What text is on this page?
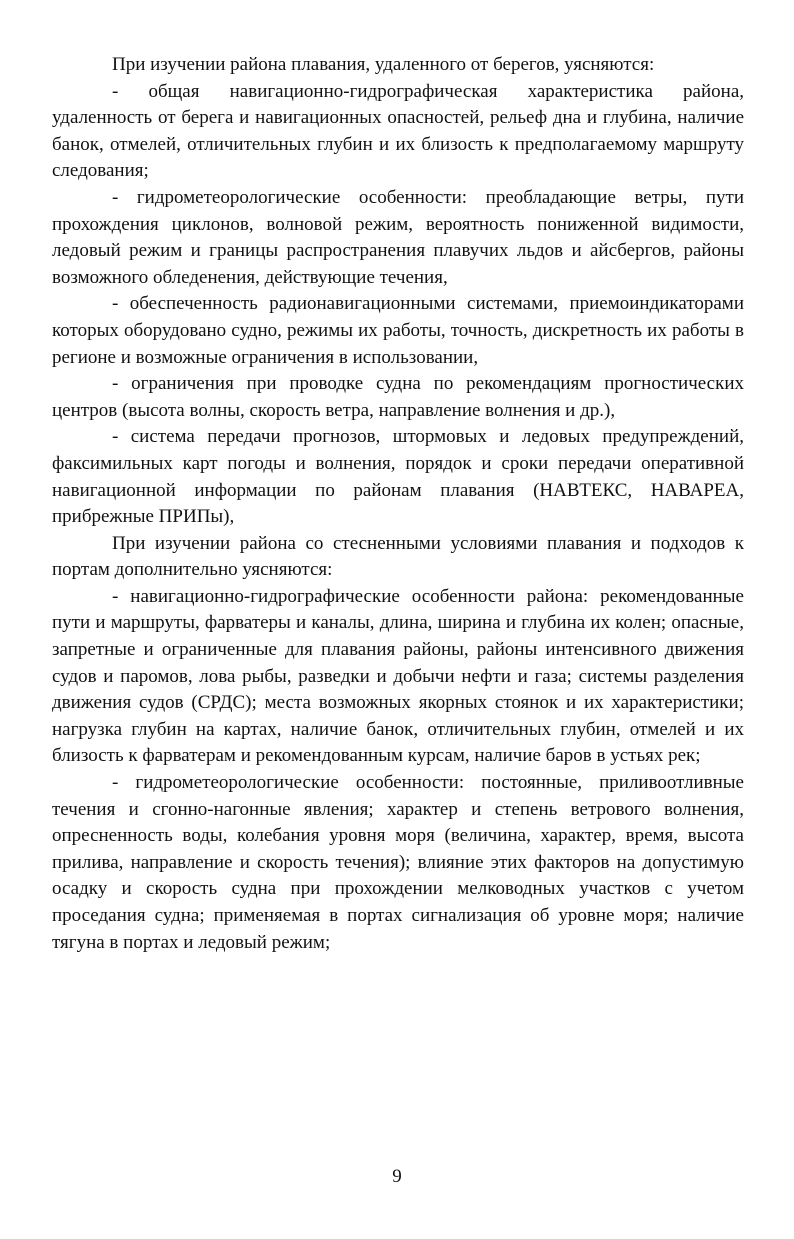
При изучении района плавания, удаленного от берегов, уясняются:

- общая навигационно-гидрографическая характеристика района, удаленность от берега и навигационных опасностей, рельеф дна и глубина, наличие банок, отмелей, отличительных глубин и их близость к предполагаемому маршруту следования;

- гидрометеорологические особенности: преобладающие ветры, пути прохождения циклонов, волновой режим, вероятность пониженной видимости, ледовый режим и границы распространения плавучих льдов и айсбергов, районы возможного обледенения, действующие течения,

- обеспеченность радионавигационными системами, приемоиндикаторами которых оборудовано судно, режимы их работы, точность, дискретность их работы в регионе и возможные ограничения в использовании,

- ограничения при проводке судна по рекомендациям прогностических центров (высота волны, скорость ветра, направление волнения и др.),

- система передачи прогнозов, штормовых и ледовых предупреждений, факсимильных карт погоды и волнения, порядок и сроки передачи оперативной навигационной информации по районам плавания (НАВТЕКС, НАВАРЕА, прибрежные ПРИПы),

При изучении района со стесненными условиями плавания и подходов к портам дополнительно уясняются:

- навигационно-гидрографические особенности района: рекомендованные пути и маршруты, фарватеры и каналы, длина, ширина и глубина их колен; опасные, запретные и ограниченные для плавания районы, районы интенсивного движения судов и паромов, лова рыбы, разведки и добычи нефти и газа; системы разделения движения судов (СРДС); места возможных якорных стоянок и их характеристики; нагрузка глубин на картах, наличие банок, отличительных глубин, отмелей и их близость к фарватерам и рекомендованным курсам, наличие баров в устьях рек;

- гидрометеорологические особенности: постоянные, приливоотливные течения и сгонно-нагонные явления; характер и степень ветрового волнения, опресненность воды, колебания уровня моря (величина, характер, время, высота прилива, направление и скорость течения); влияние этих факторов на допустимую осадку и скорость судна при прохождении мелководных участков с учетом проседания судна; применяемая в портах сигнализация об уровне моря; наличие тягуна в портах и ледовый режим;

9
